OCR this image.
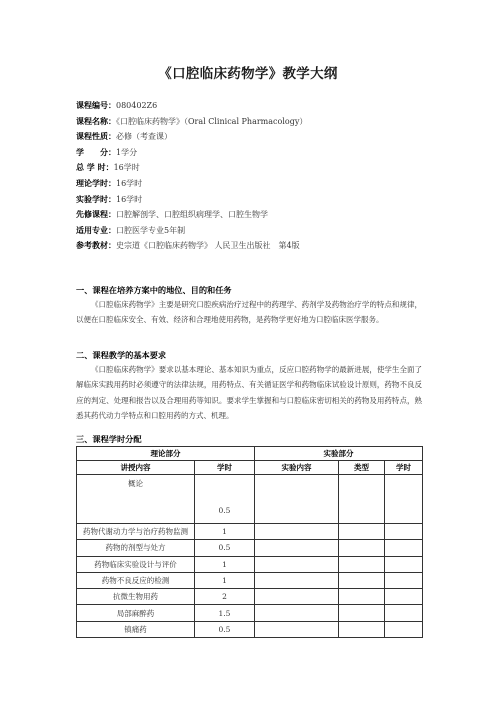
《口腔临床药物学》教学大纲
课程编号：080402Z6
课程名称：《口腔临床药物学》（Oral Clinical Pharmacology）
课程性质：必修（考查课）
学　　分：1学分
总 学 时：16学时
理论学时：16学时
实验学时：16学时
先修课程：口腔解剖学、口腔组织病理学、口腔生物学
适用专业：口腔医学专业5年制
参考教材：史宗道《口腔临床药物学》 人民卫生出版社　第4版
一、课程在培养方案中的地位、目的和任务
《口腔临床药物学》主要是研究口腔疾病治疗过程中的药理学、药剂学及药物治疗学的特点和规律，以便在口腔临床安全、有效、经济和合理地使用药物，是药物学更好地为口腔临床医学服务。
二、课程教学的基本要求
《口腔临床药物学》要求以基本理论、基本知识为重点，反应口腔药物学的最新进展，使学生全面了解临床实践用药时必须遵守的法律法规，用药特点、有关循证医学和药物临床试验设计原则，药物不良反应的判定、处理和报告以及合理用药等知识。要求学生掌握和与口腔临床密切相关的药物及用药特点，熟悉其药代动力学特点和口腔用药的方式、机理。
三、课程学时分配
理论部分		实验部分		
讲授内容	学时	实验内容	类型	学时
概论	0.5			
药物代谢动力学与治疗药物监测	1			
药物的剂型与处方	0.5			
药物临床实验设计与评价	1			
药物不良反应的检测	1			
抗微生物用药	2			
局部麻醉药	1.5			
镇痛药	0.5			
